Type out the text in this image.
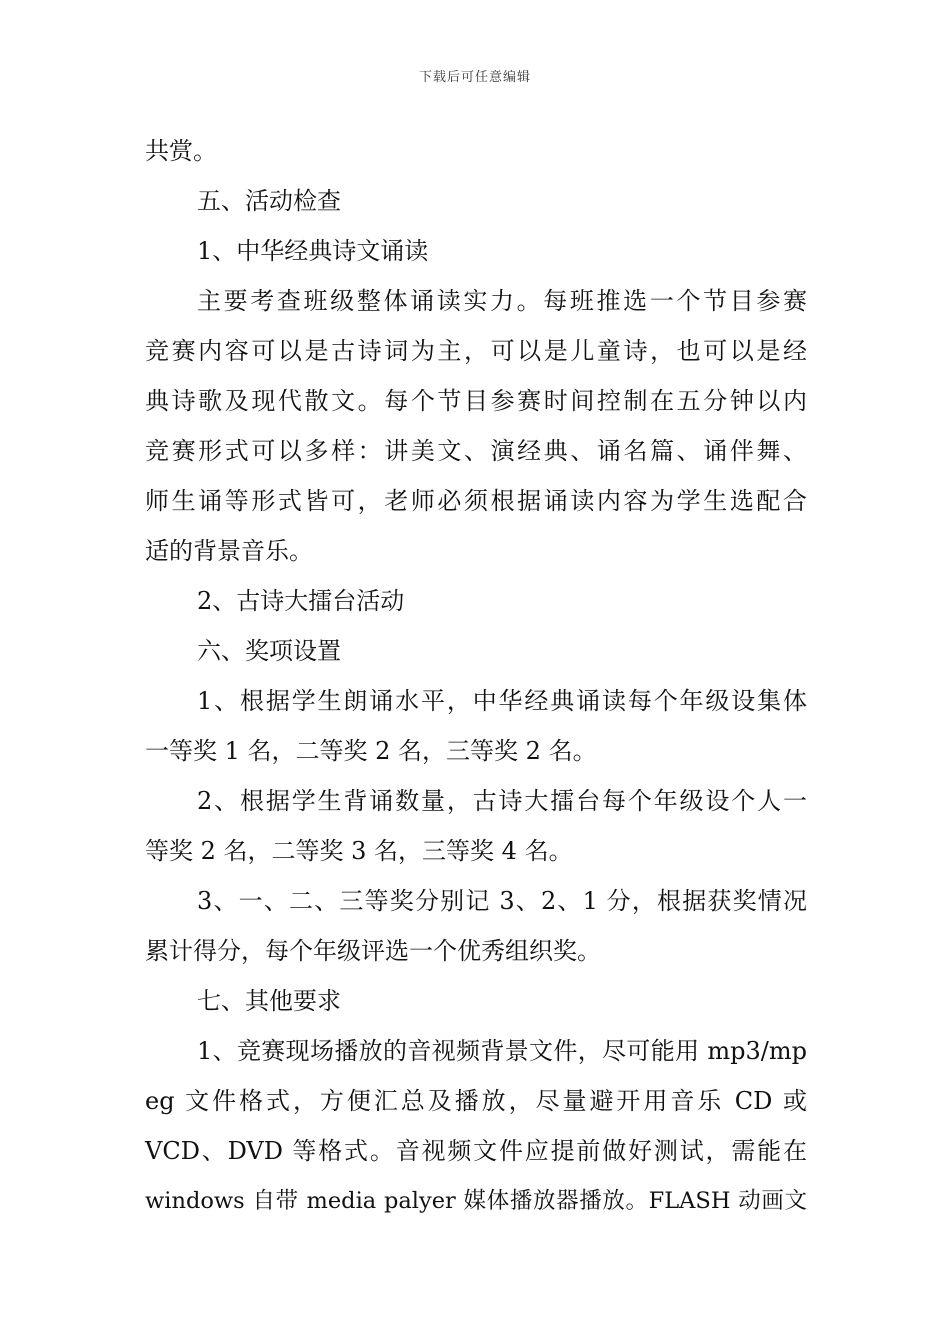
下载后可任意编辑
共赏。
五、活动检查
1、中华经典诗文诵读
主要考查班级整体诵读实力。每班推选一个节目参赛
竞赛内容可以是古诗词为主，可以是儿童诗，也可以是经
典诗歌及现代散文。每个节目参赛时间控制在五分钟以内
竞赛形式可以多样：讲美文、演经典、诵名篇、诵伴舞、
师生诵等形式皆可，老师必须根据诵读内容为学生选配合
适的背景音乐。
2、古诗大擂台活动
六、奖项设置
1、根据学生朗诵水平，中华经典诵读每个年级设集体
一等奖 1 名，二等奖 2 名，三等奖 2 名。
2、根据学生背诵数量，古诗大擂台每个年级设个人一
等奖 2 名，二等奖 3 名，三等奖 4 名。
3、一、二、三等奖分别记 3、2、1 分，根据获奖情况
累计得分，每个年级评选一个优秀组织奖。
七、其他要求
1、竞赛现场播放的音视频背景文件，尽可能用 mp3/mp
eg 文件格式，方便汇总及播放，尽量避开用音乐 CD 或
VCD、DVD 等格式。音视频文件应提前做好测试，需能在
windows 自带 media palyer 媒体播放器播放。FLASH 动画文
